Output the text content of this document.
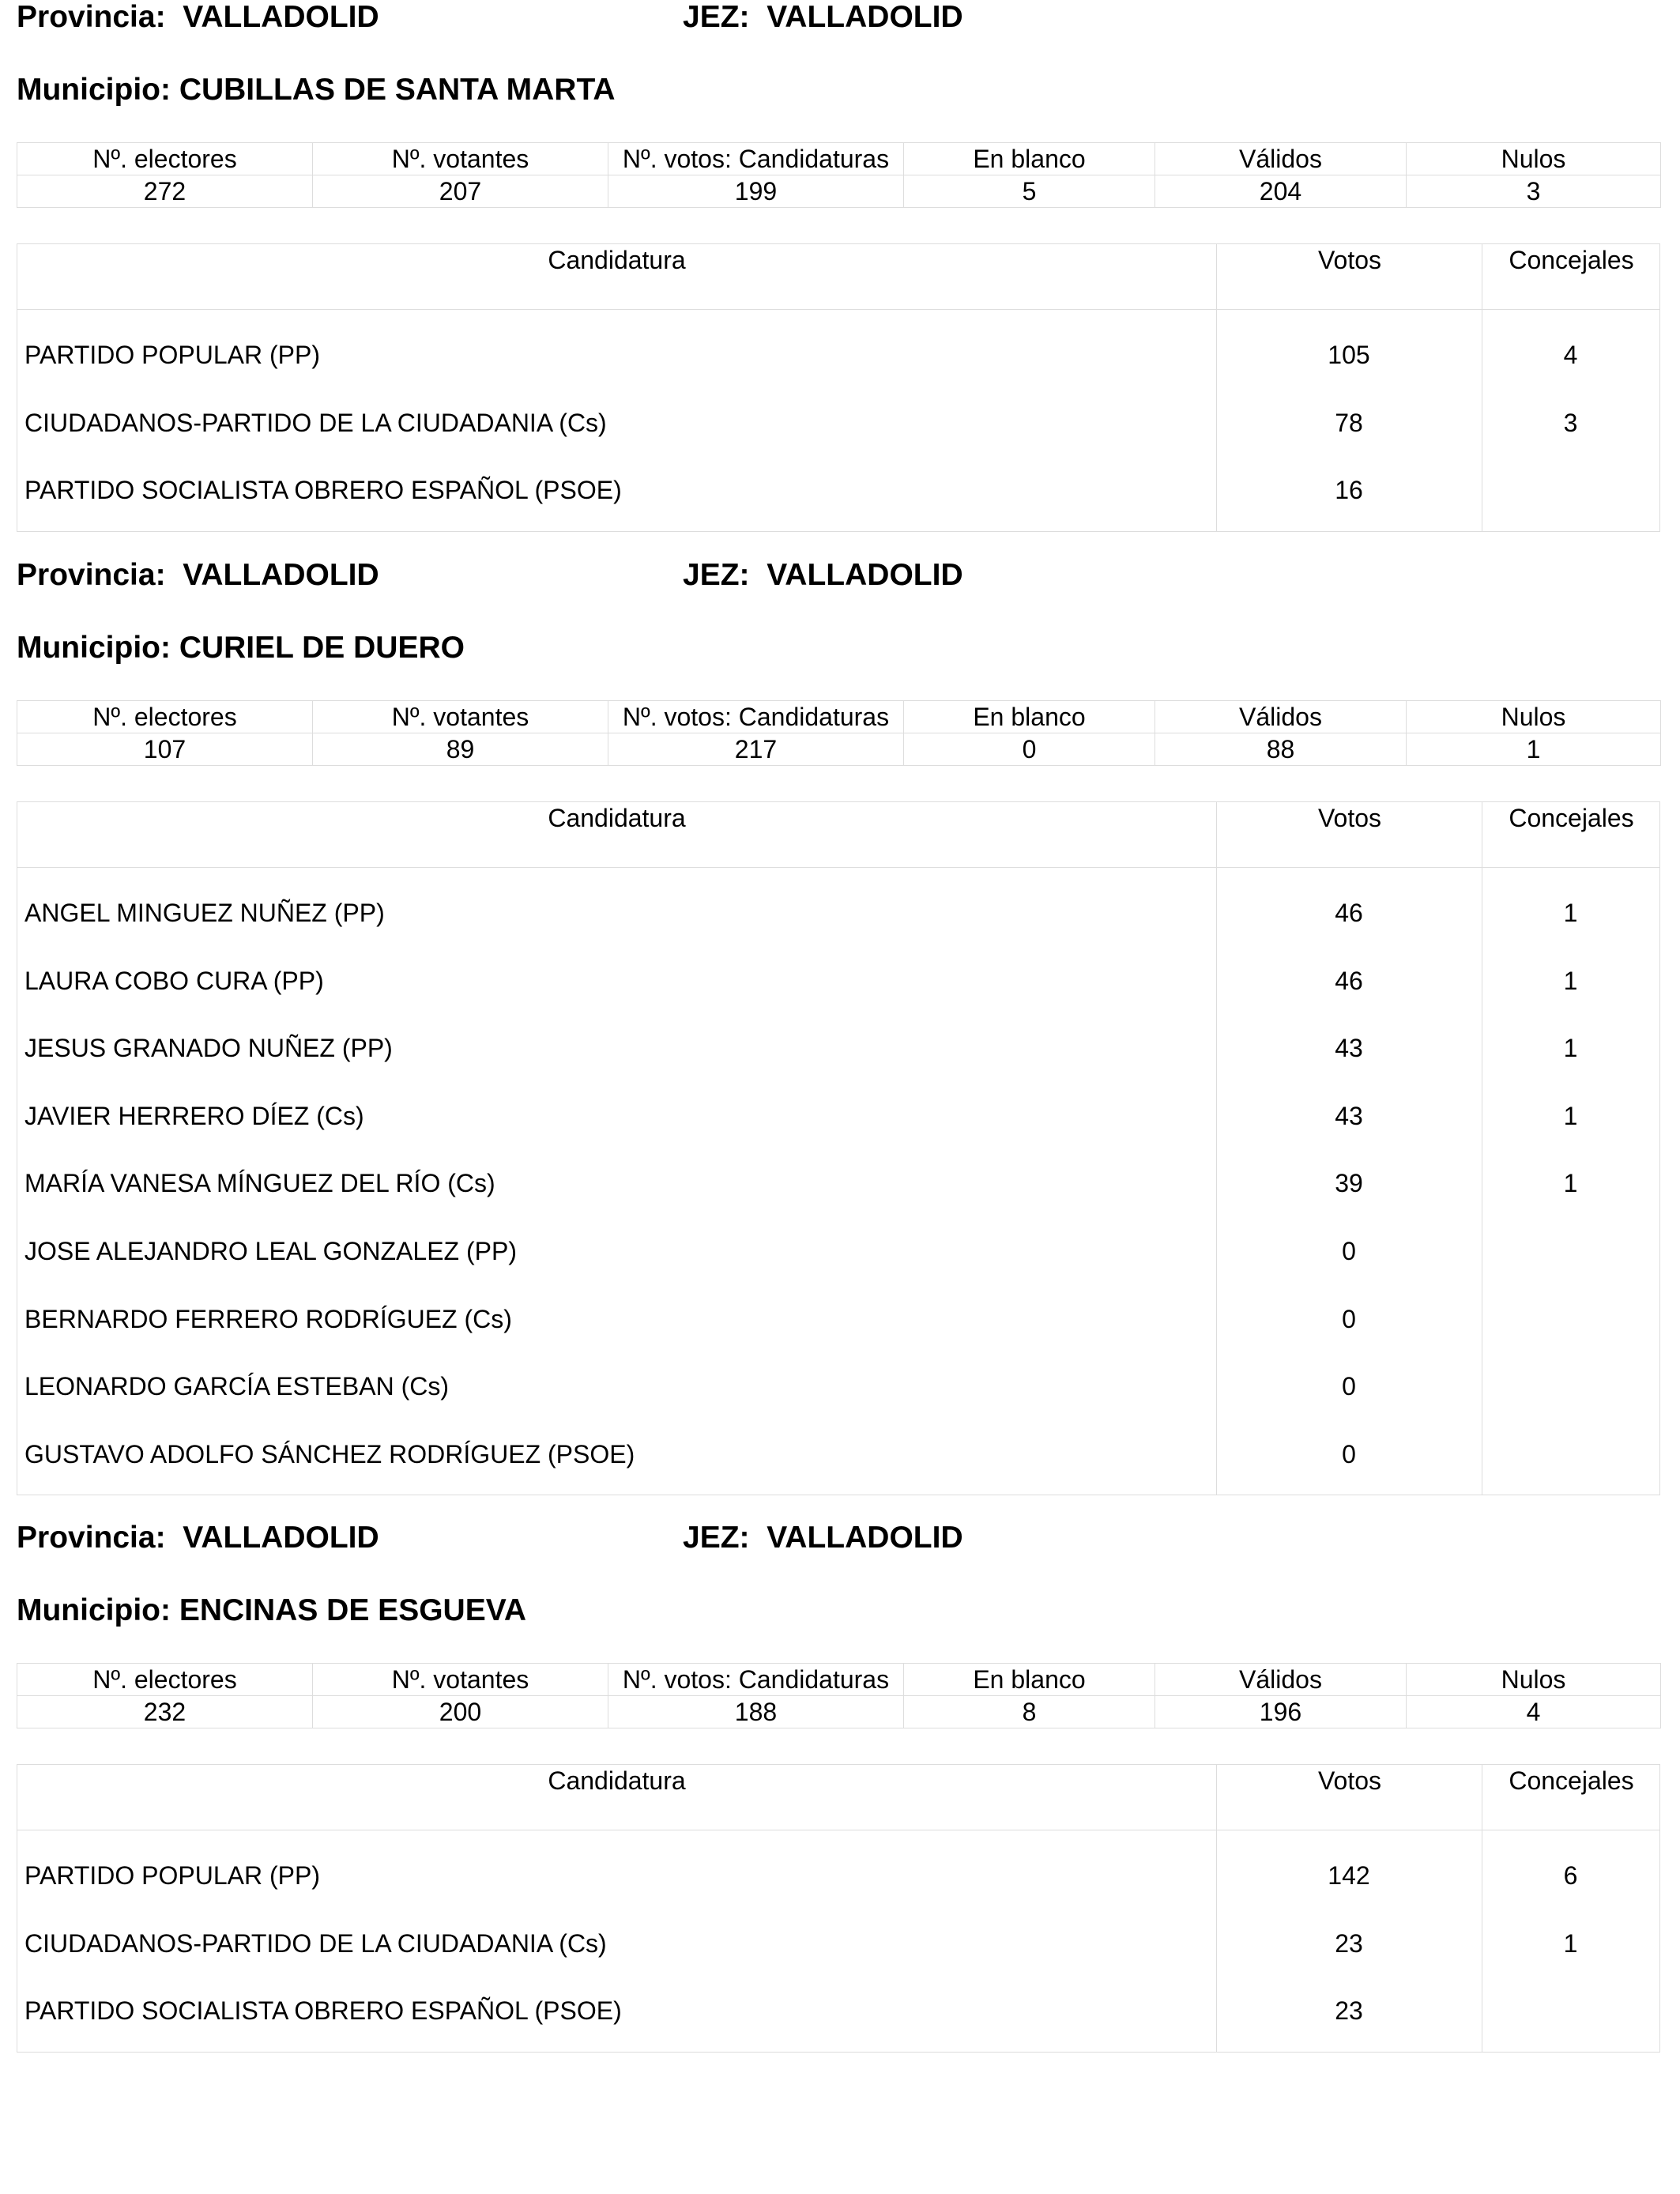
Provincia: VALLADOLID	JEZ: VALLADOLID
Municipio: CUBILLAS DE SANTA MARTA
Nº. electores	Nº. votantes	Nº. votos: Candidaturas	En blanco	Válidos	Nulos
272	207	199	5	204	3
Candidatura	Votos	Concejales
PARTIDO POPULAR (PP)	105	4
CIUDADANOS-PARTIDO DE LA CIUDADANIA (Cs)	78	3
PARTIDO SOCIALISTA OBRERO ESPAÑOL (PSOE)	16
Provincia: VALLADOLID	JEZ: VALLADOLID
Municipio: CURIEL DE DUERO
Nº. electores	Nº. votantes	Nº. votos: Candidaturas	En blanco	Válidos	Nulos
107	89	217	0	88	1
Candidatura	Votos	Concejales
ANGEL MINGUEZ NUÑEZ (PP)	46	1
LAURA COBO CURA (PP)	46	1
JESUS GRANADO NUÑEZ (PP)	43	1
JAVIER HERRERO DÍEZ (Cs)	43	1
MARÍA VANESA MÍNGUEZ DEL RÍO (Cs)	39	1
JOSE ALEJANDRO LEAL GONZALEZ (PP)	0
BERNARDO FERRERO RODRÍGUEZ (Cs)	0
LEONARDO GARCÍA ESTEBAN (Cs)	0
GUSTAVO ADOLFO SÁNCHEZ RODRÍGUEZ (PSOE)	0
Provincia: VALLADOLID	JEZ: VALLADOLID
Municipio: ENCINAS DE ESGUEVA
Nº. electores	Nº. votantes	Nº. votos: Candidaturas	En blanco	Válidos	Nulos
232	200	188	8	196	4
Candidatura	Votos	Concejales
PARTIDO POPULAR (PP)	142	6
CIUDADANOS-PARTIDO DE LA CIUDADANIA (Cs)	23	1
PARTIDO SOCIALISTA OBRERO ESPAÑOL (PSOE)	23
